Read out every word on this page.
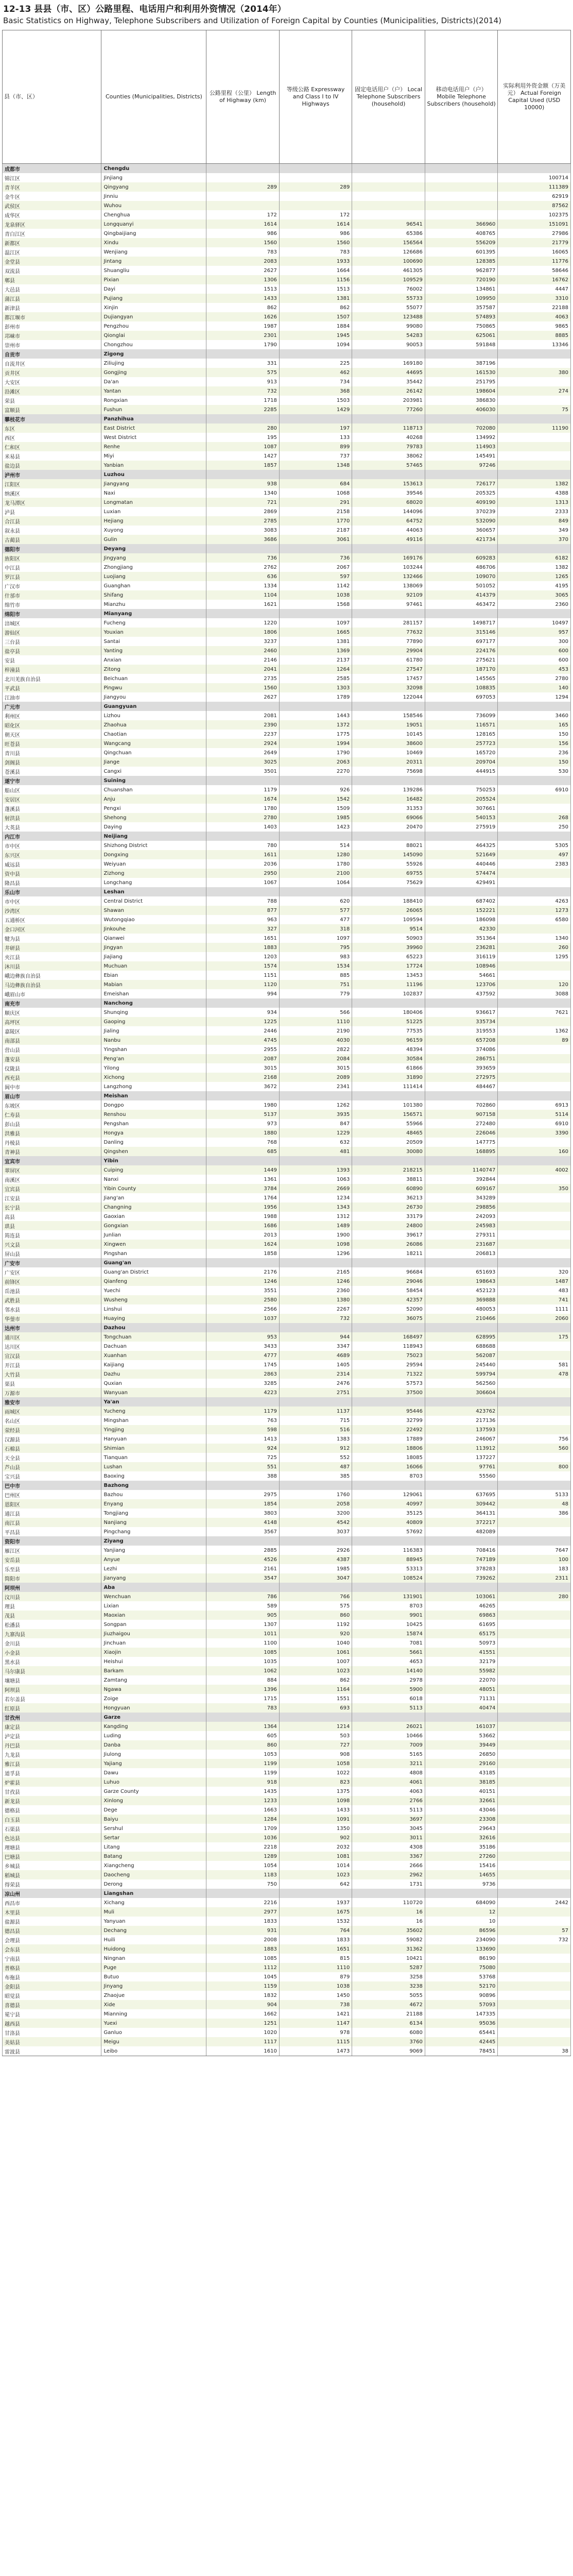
12-13 县县（市、区）公路里程、电话用户和利用外资情况（2014年）
Basic Statistics on Highway, Telephone Subscribers and Utilization of Foreign Capital by Counties (Municipalities, Districts)(2014)
县（市、区）	Counties (Municipalities, Districts)	公路里程（公里） Length of Highway (km)	等级公路 Expressway and Class I to IV Highways	固定电话用户（户） Local Telephone Subscribers (household)	移动电话用户（户） Mobile Telephone Subscribers (household)	实际利用外资金额（万美元） Actual Foreign Capital Used (USD 10000)
成都市	Chengdu					
锦江区	Jinjiang					100714
青羊区	Qingyang	289	289			111389
金牛区	Jinniu					62919
武侯区	Wuhou					87562
成华区	Chenghua	172	172			102375
龙泉驿区	Longquanyi	1614	1614	96541	366960	151091
青白江区	Qingbaijiang	986	986	65386	408765	27986
新都区	Xindu	1560	1560	156564	556209	21779
温江区	Wenjiang	783	783	126686	601395	16065
金堂县	Jintang	2083	1933	100690	128385	11776
双流县	Shuangliu	2627	1664	461305	962877	58646
郫县	Pixian	1306	1156	109529	720190	16762
大邑县	Dayi	1513	1513	76002	134861	4447
蒲江县	Pujiang	1433	1381	55733	109950	3310
新津县	Xinjin	862	862	55077	357587	22188
都江堰市	Dujiangyan	1626	1507	123488	574893	4063
彭州市	Pengzhou	1987	1884	99080	750865	9865
邛崃市	Qionglai	2301	1945	54283	625061	8885
崇州市	Chongzhou	1790	1094	90053	591848	13346
自贡市	Zigong					
自流井区	Ziliujing	331	225	169180	387196	
贡井区	Gongjing	575	462	44695	161530	380
大安区	Da'an	913	734	35442	251795	
沿滩区	Yantan	732	368	26142	198604	274
荣县	Rongxian	1718	1503	203981	386830	
富顺县	Fushun	2285	1429	77260	406030	75
攀枝花市	Panzhihua					
东区	East District	280	197	118713	702080	11190
西区	West District	195	133	40268	134992	
仁和区	Renhe	1087	899	79783	114903	
米易县	Miyi	1427	737	38062	145491	
盐边县	Yanbian	1857	1348	57465	97246	
泸州市	Luzhou					
江阳区	Jiangyang	938	684	153613	726177	1382
纳溪区	Naxi	1340	1068	39546	205325	4388
龙马潭区	Longmatan	721	291	68020	409190	1313
泸县	Luxian	2869	2158	144096	370239	2333
合江县	Hejiang	2785	1770	64752	532090	849
叙永县	Xuyong	3083	2187	44063	360657	349
古蔺县	Gulin	3686	3061	49116	421734	370
德阳市	Deyang					
旌阳区	Jingyang	736	736	169176	609283	6182
中江县	Zhongjiang	2762	2067	103244	486706	1382
罗江县	Luojiang	636	597	132466	109070	1265
广汉市	Guanghan	1334	1142	138069	501052	4195
什邡市	Shifang	1104	1038	92109	414379	3065
绵竹市	Mianzhu	1621	1568	97461	463472	2360
绵阳市	Mianyang					
涪城区	Fucheng	1220	1097	281157	1498717	10497
游仙区	Youxian	1806	1665	77632	315146	957
三台县	Santai	3237	1381	77890	697177	300
盐亭县	Yanting	2460	1369	29904	224176	600
安县	Anxian	2146	2137	61780	275621	600
梓潼县	Zitong	2041	1264	27547	187170	453
北川羌族自治县	Beichuan	2735	2585	17457	145565	2780
平武县	Pingwu	1560	1303	32098	108835	140
江油市	Jiangyou	2627	1789	122044	697053	1294
广元市	Guangyuan					
利州区	Lizhou	2081	1443	158546	736099	3460
昭化区	Zhaohua	2390	1372	19051	116571	165
朝天区	Chaotian	2237	1775	10145	128165	150
旺苍县	Wangcang	2924	1994	38600	257723	156
青川县	Qingchuan	2649	1790	10469	165720	236
剑阁县	Jiange	3025	2063	20311	209704	150
苍溪县	Cangxi	3501	2270	75698	444915	530
遂宁市	Suining					
船山区	Chuanshan	1179	926	139286	750253	6910
安居区	Anju	1674	1542	16482	205524	
蓬溪县	Pengxi	1780	1509	31353	307661	
射洪县	Shehong	2780	1985	69066	540153	268
大英县	Daying	1403	1423	20470	275919	250
内江市	Neijiang					
市中区	Shizhong District	780	514	88021	464325	5305
东兴区	Dongxing	1611	1280	145090	521649	497
威远县	Weiyuan	2036	1780	55926	440446	2383
资中县	Zizhong	2950	2100	69755	574474	
隆昌县	Longchang	1067	1064	75629	429491	
乐山市	Leshan					
市中区	Central District	788	620	188410	687402	4263
沙湾区	Shawan	877	577	26065	152221	1273
五通桥区	Wutongqiao	963	477	109594	186098	6580
金口河区	Jinkouhe	327	318	9514	42330	
犍为县	Qianwei	1651	1097	50903	351364	1340
井研县	Jingyan	1883	795	39960	236281	260
夹江县	Jiajiang	1203	983	65223	316119	1295
沐川县	Muchuan	1574	1534	17724	108946	
峨边彝族自治县	Ebian	1151	885	13453	54661	
马边彝族自治县	Mabian	1120	751	11196	123706	120
峨眉山市	Emeishan	994	779	102837	437592	3088
南充市	Nanchong					
顺庆区	Shunqing	934	566	180406	936617	7621
高坪区	Gaoping	1225	1110	51225	335734	
嘉陵区	Jialing	2446	2190	77535	319553	1362
南部县	Nanbu	4745	4030	96159	657208	89
营山县	Yingshan	2955	2822	48394	374086	
蓬安县	Peng'an	2087	2084	30584	286751	
仪陇县	Yilong	3015	3015	61866	393659	
西充县	Xichong	2168	2089	31890	272975	
阆中市	Langzhong	3672	2341	111414	484467	
眉山市	Meishan					
东坡区	Dongpo	1980	1262	101380	702860	6913
仁寿县	Renshou	5137	3935	156571	907158	5114
彭山县	Pengshan	973	847	55966	272480	6910
洪雅县	Hongya	1880	1229	48465	226046	3390
丹棱县	Danling	768	632	20509	147775	
青神县	Qingshen	685	481	30080	168895	160
宜宾市	Yibin					
翠屏区	Cuiping	1449	1393	218215	1140747	4002
南溪区	Nanxi	1361	1063	38811	392844	
宜宾县	Yibin County	3784	2669	60890	609167	350
江安县	Jiang'an	1764	1234	36213	343289	
长宁县	Changning	1956	1343	26730	298856	
高县	Gaoxian	1988	1312	33179	242093	
珙县	Gongxian	1686	1489	24800	245983	
筠连县	Junlian	2013	1900	39617	279311	
兴文县	Xingwen	1624	1098	26086	231687	
屏山县	Pingshan	1858	1296	18211	206813	
广安市	Guang'an					
广安区	Guang'an District	2176	2165	96684	651693	320
前锋区	Qianfeng	1246	1246	29046	198643	1487
岳池县	Yuechi	3551	2360	58454	452123	483
武胜县	Wusheng	2580	1380	42357	369888	741
邻水县	Linshui	2566	2267	52090	480053	1111
华蓥市	Huaying	1037	732	36075	210466	2060
达州市	Dazhou					
通川区	Tongchuan	953	944	168497	628995	175
达川区	Dachuan	3433	3347	118943	688688	
宣汉县	Xuanhan	4777	4689	75023	562087	
开江县	Kaijiang	1745	1405	29594	245440	581
大竹县	Dazhu	2863	2314	71322	599794	478
渠县	Quxian	3285	2476	57573	562560	
万源市	Wanyuan	4223	2751	37500	306604	
雅安市	Ya'an					
雨城区	Yucheng	1179	1137	95446	423762	
名山区	Mingshan	763	715	32799	217136	
荥经县	Yingjing	598	516	22492	137593	
汉源县	Hanyuan	1413	1383	17889	246067	756
石棉县	Shimian	924	912	18806	113912	560
天全县	Tianquan	725	552	18085	137227	
芦山县	Lushan	551	487	16066	97761	800
宝兴县	Baoxing	388	385	8703	55560	
巴中市	Bazhong					
巴州区	Bazhou	2975	1760	129061	637695	5133
恩阳区	Enyang	1854	2058	40997	309442	48
通江县	Tongjiang	3803	3200	35125	364131	386
南江县	Nanjiang	4148	4542	40809	372217	
平昌县	Pingchang	3567	3037	57692	482089	
资阳市	Ziyang					
雁江区	Yanjiang	2885	2926	116383	708416	7647
安岳县	Anyue	4526	4387	88945	747189	100
乐至县	Lezhi	2161	1985	53313	378283	183
简阳市	Jianyang	3547	3047	108524	739262	2311
阿坝州	Aba					
汶川县	Wenchuan	786	766	131901	103061	280
理县	Lixian	589	575	8703	46265	
茂县	Maoxian	905	860	9901	69863	
松潘县	Songpan	1307	1192	10425	61695	
九寨沟县	Jiuzhaigou	1011	920	15874	65175	
金川县	Jinchuan	1100	1040	7081	50973	
小金县	Xiaojin	1085	1061	5661	41551	
黑水县	Heishui	1035	1007	4653	32179	
马尔康县	Barkam	1062	1023	14140	55982	
壤塘县	Zamtang	884	862	2978	22070	
阿坝县	Ngawa	1396	1164	5900	48051	
若尔盖县	Zoige	1715	1551	6018	71131	
红原县	Hongyuan	783	693	5113	40474	
甘孜州	Garze					
康定县	Kangding	1364	1214	26021	161037	
泸定县	Luding	605	503	10466	53662	
丹巴县	Danba	860	727	7009	39449	
九龙县	Jiulong	1053	908	5165	26850	
雅江县	Yajiang	1199	1058	3211	29160	
道孚县	Dawu	1199	1022	4808	43185	
炉霍县	Luhuo	918	823	4061	38185	
甘孜县	Garze County	1435	1375	4063	40151	
新龙县	Xinlong	1233	1098	2766	32661	
德格县	Dege	1663	1433	5113	43046	
白玉县	Baiyu	1284	1091	3697	23308	
石渠县	Sershul	1709	1350	3045	29643	
色达县	Sertar	1036	902	3011	32616	
理塘县	Litang	2218	2032	4308	35186	
巴塘县	Batang	1289	1081	3367	27260	
乡城县	Xiangcheng	1054	1014	2666	15416	
稻城县	Daocheng	1183	1023	2962	14655	
得荣县	Derong	750	642	1731	9736	
凉山州	Liangshan					
西昌市	Xichang	2216	1937	110720	684090	2442
木里县	Muli	2977	1675	16	12	
盐源县	Yanyuan	1833	1532	16	10	
德昌县	Dechang	931	764	35602	86596	57
会理县	Huili	2008	1833	59082	234090	732
会东县	Huidong	1883	1651	31362	133690	
宁南县	Ningnan	1085	815	10421	86190	
普格县	Puge	1112	1110	5287	75080	
布拖县	Butuo	1045	879	3258	53768	
金阳县	Jinyang	1159	1038	3238	52170	
昭觉县	Zhaojue	1832	1450	5055	90896	
喜德县	Xide	904	738	4672	57093	
冕宁县	Mianning	1662	1421	21188	147335	
越西县	Yuexi	1251	1147	6134	95036	
甘洛县	Ganluo	1020	978	6080	65441	
美姑县	Meigu	1117	1115	3760	42445	
雷波县	Leibo	1610	1473	9069	78451	38
